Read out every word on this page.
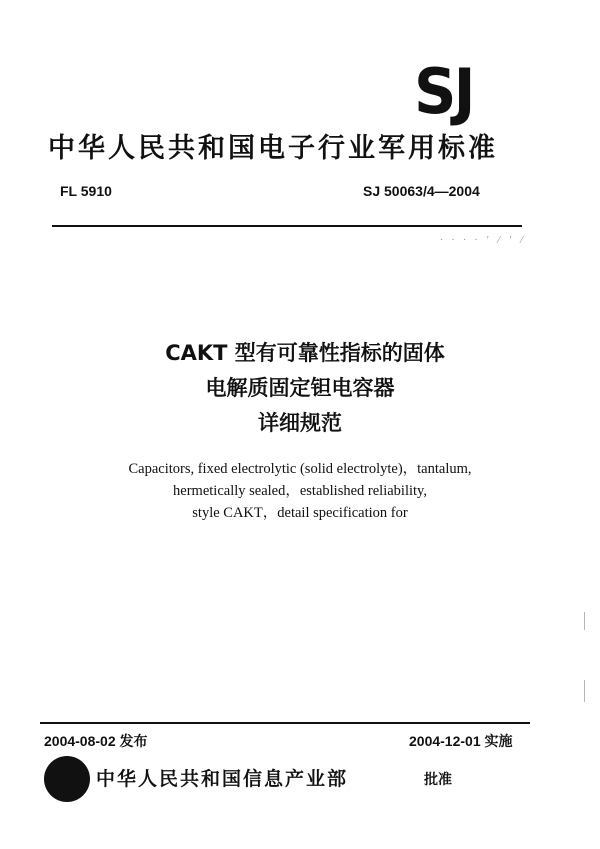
SJ
中华人民共和国电子行业军用标准
FL 5910	SJ 50063/4—2004
· · · · ' / ' /
CAKT 型有可靠性指标的固体
电解质固定钽电容器
详细规范
Capacitors, fixed electrolytic (solid electrolyte)，tantalum,
hermetically sealed，established reliability,
style CAKT，detail specification for
2004-08-02 发布	2004-12-01 实施
中华人民共和国信息产业部	批准
